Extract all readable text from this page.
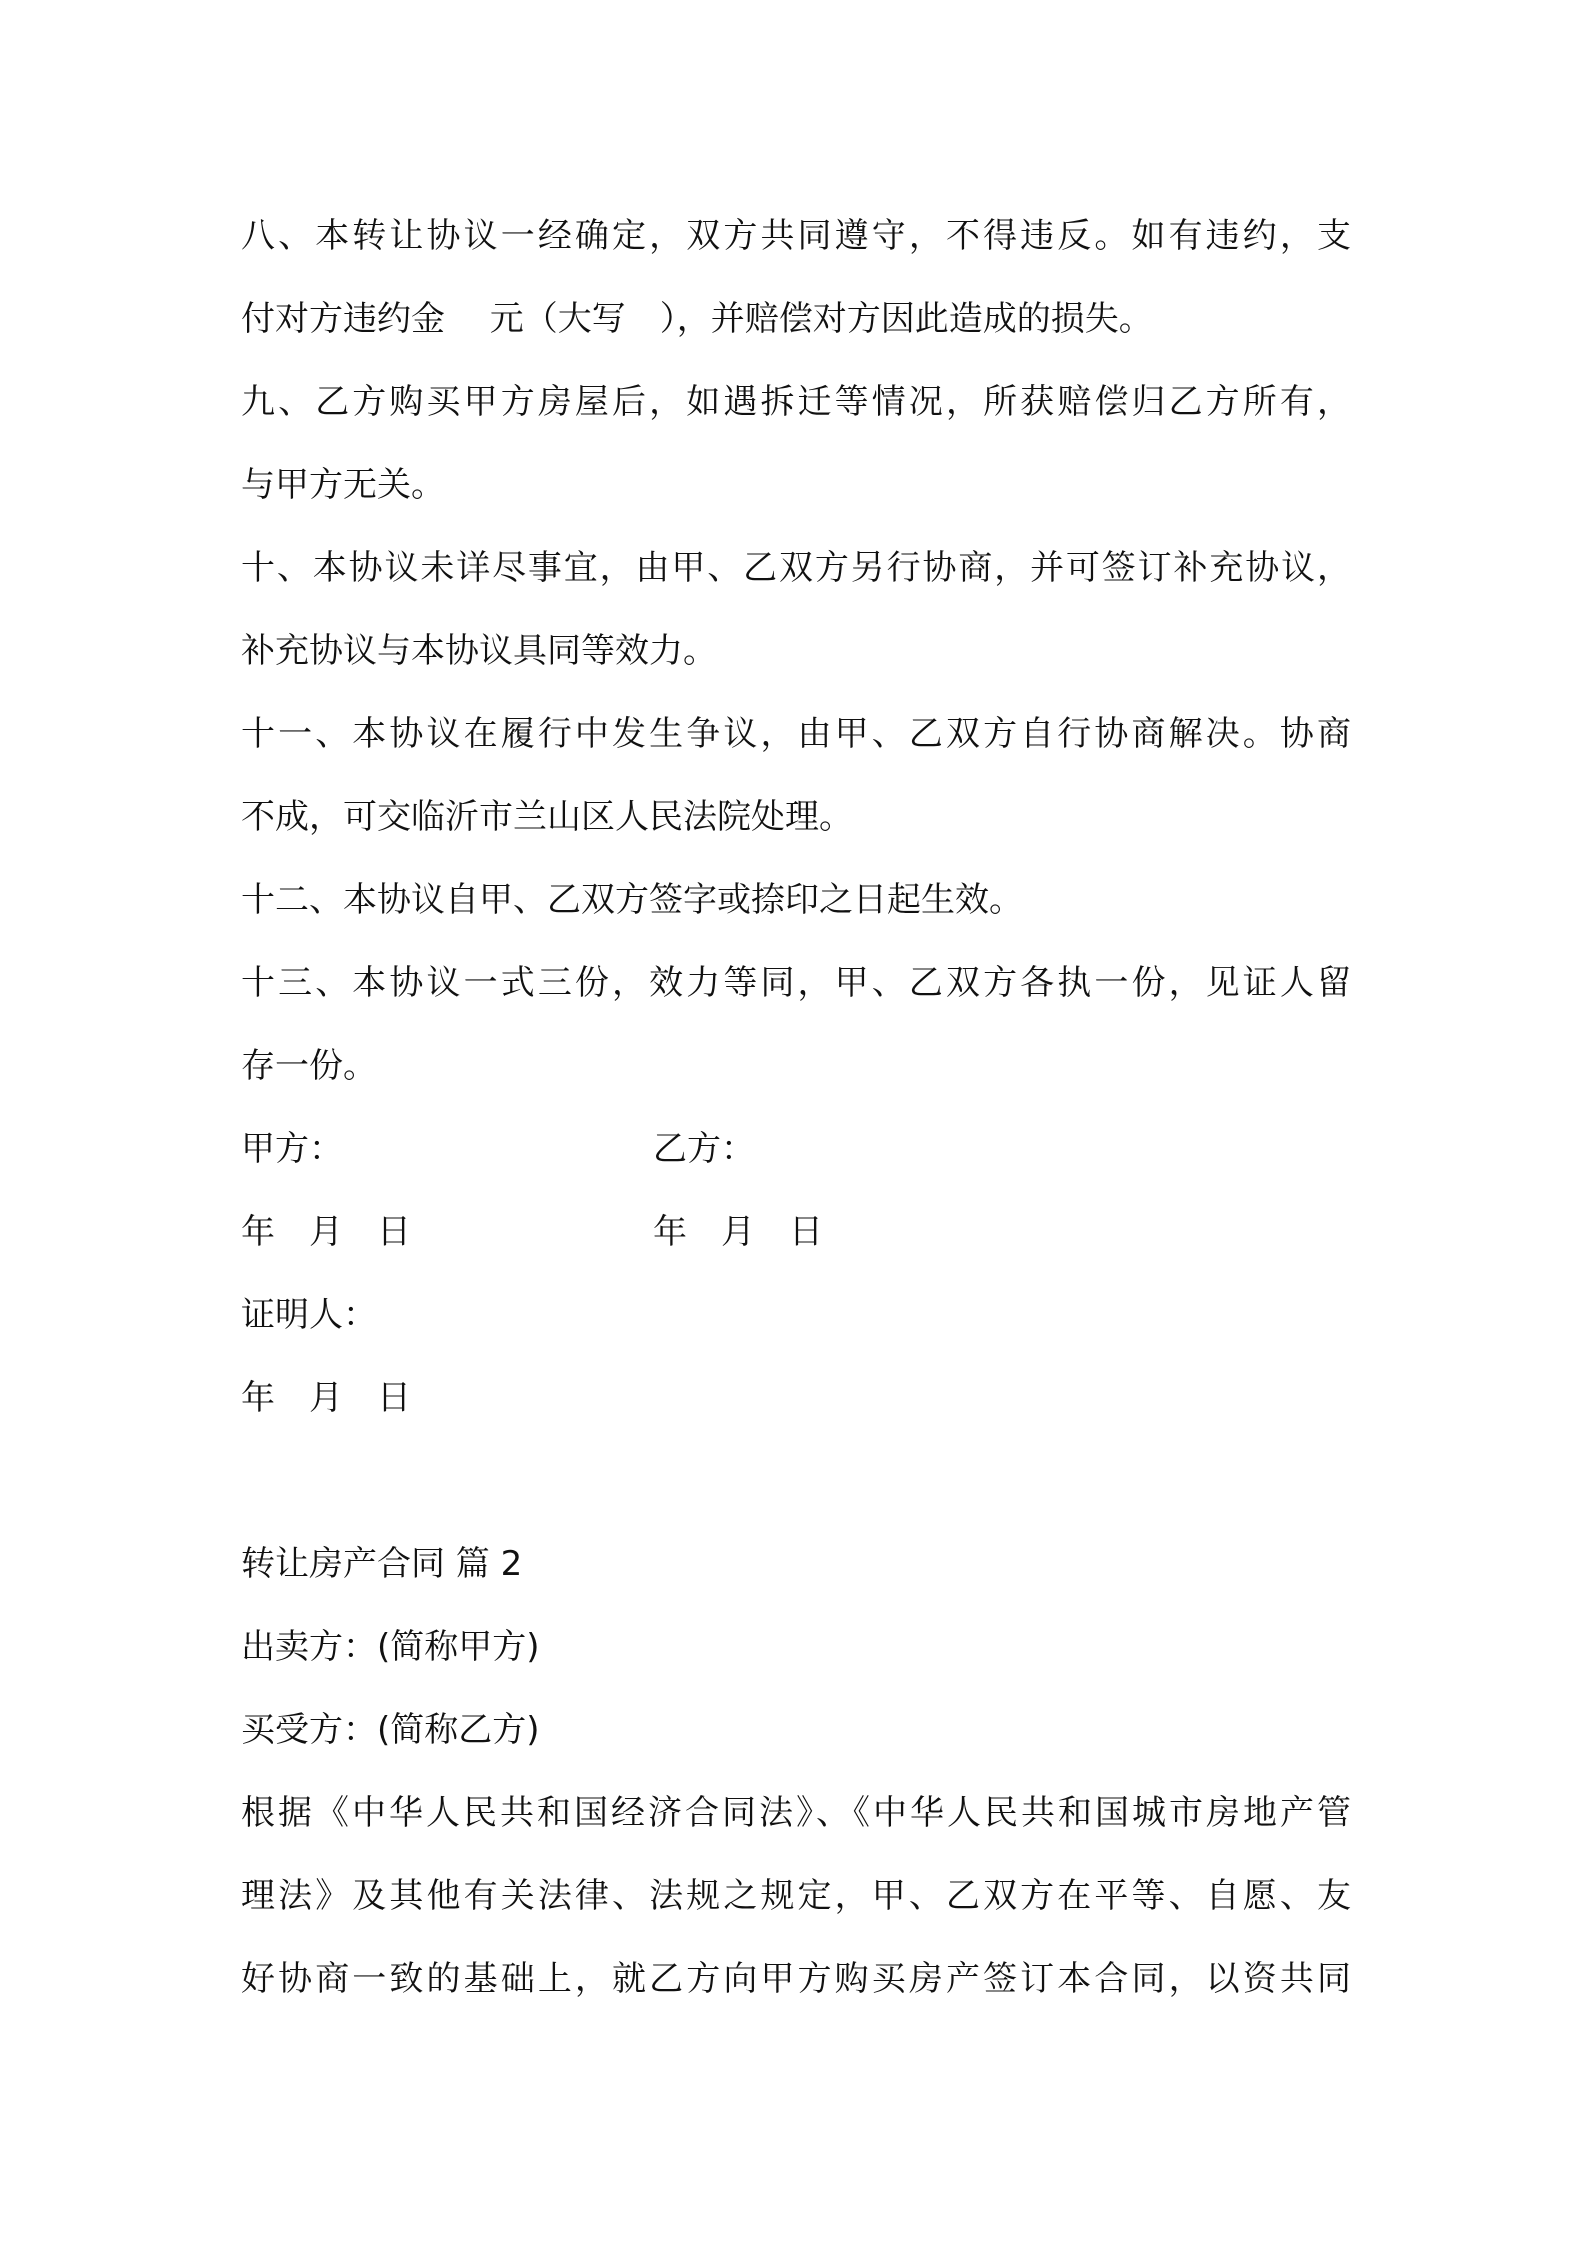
八、本转让协议一经确定，双方共同遵守，不得违反。如有违约，支
付对方违约金　 元（大写　），并赔偿对方因此造成的损失。
九、乙方购买甲方房屋后，如遇拆迁等情况，所获赔偿归乙方所有，
与甲方无关。
十、本协议未详尽事宜，由甲、乙双方另行协商，并可签订补充协议，
补充协议与本协议具同等效力。
十一、本协议在履行中发生争议，由甲、乙双方自行协商解决。协商
不成，可交临沂市兰山区人民法院处理。
十二、本协议自甲、乙双方签字或捺印之日起生效。
十三、本协议一式三份，效力等同，甲、乙双方各执一份，见证人留
存一份。
甲方：	乙方：
年　月　日	年　月　日
证明人：
年　月　日
转让房产合同 篇 2
出卖方：(简称甲方)
买受方：(简称乙方)
根据《中华人民共和国经济合同法》、《中华人民共和国城市房地产管
理法》及其他有关法律、法规之规定，甲、乙双方在平等、自愿、友
好协商一致的基础上，就乙方向甲方购买房产签订本合同，以资共同
